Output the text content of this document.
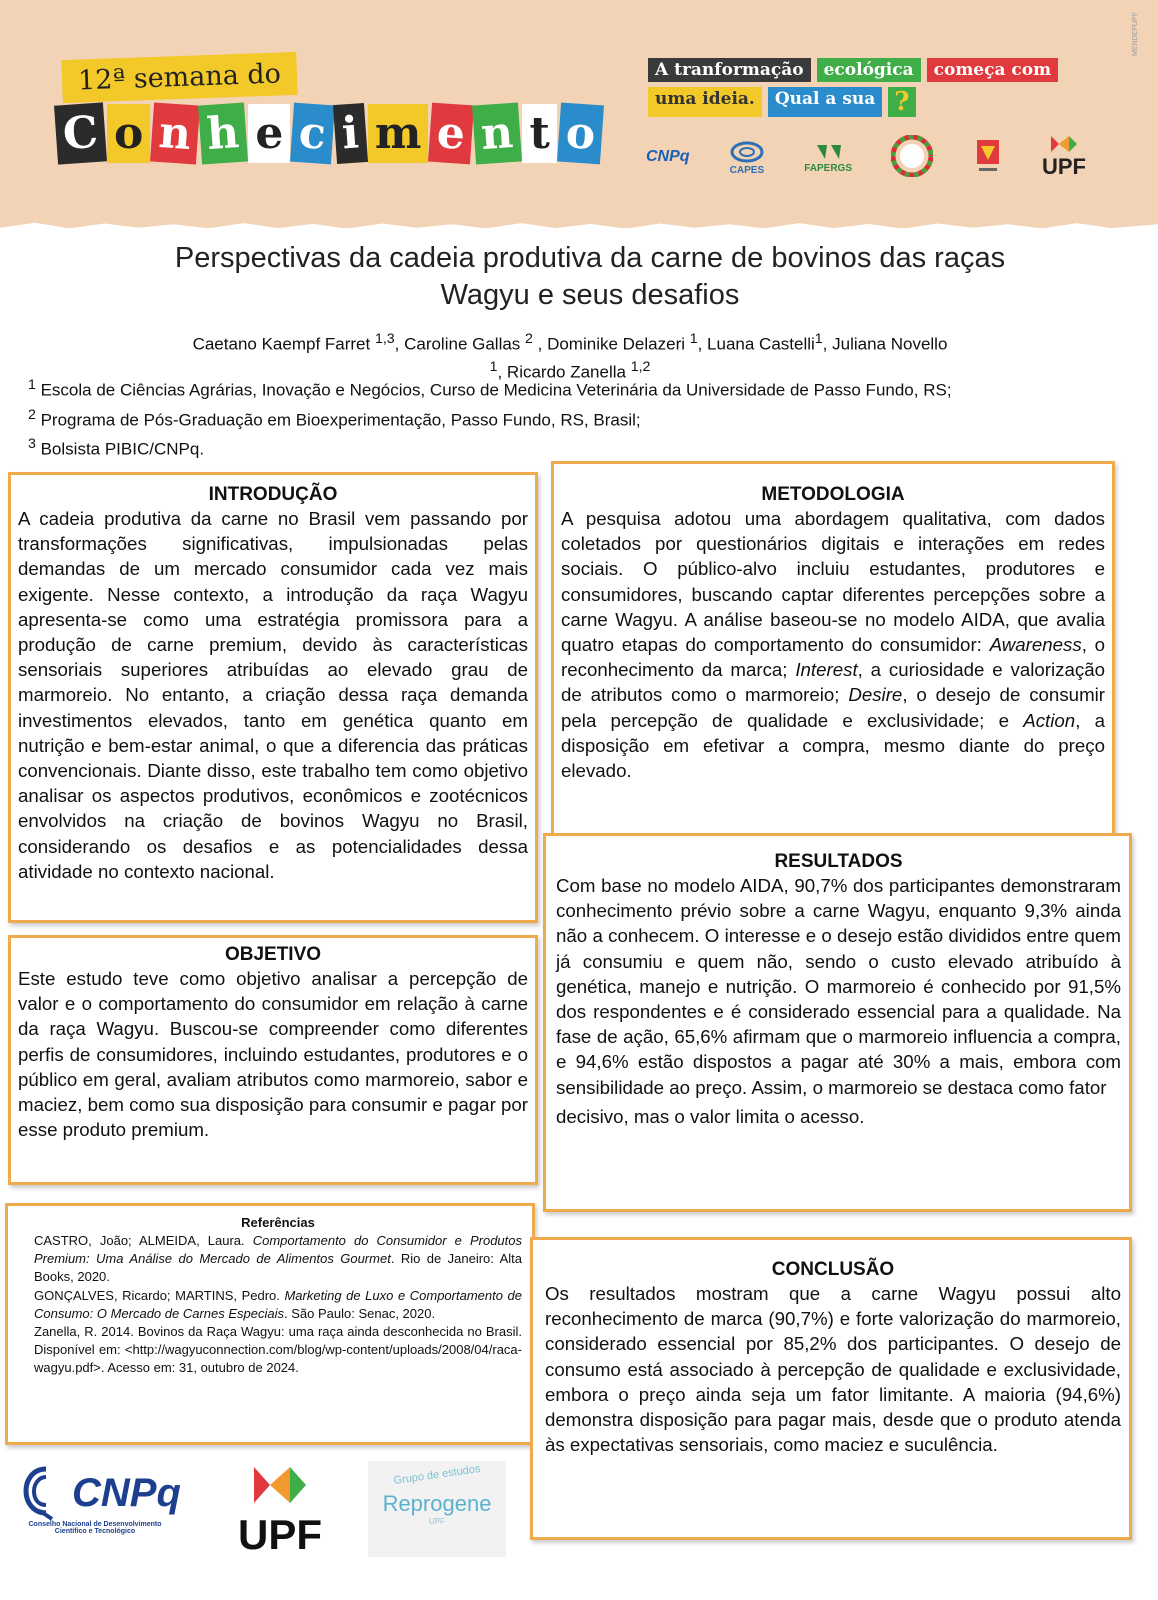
MENDEPUPF
12ª semana do
C o n h e c i m e n t o
A tranformação	ecológica	começa com
uma ideia.	Qual a sua ?
CNPq
CAPES	FAPERGS	UPF
Perspectivas da cadeia produtiva da carne de bovinos das raças
Wagyu e seus desafios
Caetano Kaempf Farret $^{1,3}$, Caroline Gallas $^2$ , Dominike Delazeri $^1$, Luana Castelli$^1$, Juliana Novello
$^1$, Ricardo Zanella $^{1,2}$
$^1$ Escola de Ciências Agrárias, Inovação e Negócios, Curso de Medicina Veterinária da Universidade de Passo Fundo, RS;
$^2$ Programa de Pós-Graduação em Bioexperimentação, Passo Fundo, RS, Brasil;
$^3$ Bolsista PIBIC/CNPq.
INTRODUÇÃO

A cadeia produtiva da carne no Brasil vem passando por transformações significativas, impulsionadas pelas demandas de um mercado consumidor cada vez mais exigente. Nesse contexto, a introdução da raça Wagyu apresenta-se como uma estratégia promissora para a produção de carne premium, devido às características sensoriais superiores atribuídas ao elevado grau de marmoreio. No entanto, a criação dessa raça demanda investimentos elevados, tanto em genética quanto em nutrição e bem-estar animal, o que a diferencia das práticas convencionais. Diante disso, este trabalho tem como objetivo analisar os aspectos produtivos, econômicos e zootécnicos envolvidos na criação de bovinos Wagyu no Brasil, considerando os desafios e as potencialidades dessa atividade no contexto nacional.

OBJETIVO

Este estudo teve como objetivo analisar a percepção de valor e o comportamento do consumidor em relação à carne da raça Wagyu. Buscou-se compreender como diferentes perfis de consumidores, incluindo estudantes, produtores e o público em geral, avaliam atributos como marmoreio, sabor e maciez, bem como sua disposição para consumir e pagar por esse produto premium.

Referências

CASTRO, João; ALMEIDA, Laura. Comportamento do Consumidor e Produtos Premium: Uma Análise do Mercado de Alimentos Gourmet. Rio de Janeiro: Alta Books, 2020.

GONÇALVES, Ricardo; MARTINS, Pedro. Marketing de Luxo e Comportamento de Consumo: O Mercado de Carnes Especiais. São Paulo: Senac, 2020.

Zanella, R. 2014. Bovinos da Raça Wagyu: uma raça ainda desconhecida no Brasil. Disponível em: <http://wagyuconnection.com/blog/wp-content/uploads/2008/04/raca-wagyu.pdf>. Acesso em: 31, outubro de 2024.

METODOLOGIA

A pesquisa adotou uma abordagem qualitativa, com dados coletados por questionários digitais e interações em redes sociais. O público-alvo incluiu estudantes, produtores e consumidores, buscando captar diferentes percepções sobre a carne Wagyu. A análise baseou-se no modelo AIDA, que avalia quatro etapas do comportamento do consumidor: Awareness, o reconhecimento da marca; Interest, a curiosidade e valorização de atributos como o marmoreio; Desire, o desejo de consumir pela percepção de qualidade e exclusividade; e Action, a disposição em efetivar a compra, mesmo diante do preço elevado.

RESULTADOS

Com base no modelo AIDA, 90,7% dos participantes demonstraram conhecimento prévio sobre a carne Wagyu, enquanto 9,3% ainda não a conhecem. O interesse e o desejo estão divididos entre quem já consumiu e quem não, sendo o custo elevado atribuído à genética, manejo e nutrição. O marmoreio é conhecido por 91,5% dos respondentes e é considerado essencial para a qualidade. Na fase de ação, 65,6% afirmam que o marmoreio influencia a compra, e 94,6% estão dispostos a pagar até 30% a mais, embora com sensibilidade ao preço. Assim, o marmoreio se destaca como fator

decisivo, mas o valor limita o acesso.

CONCLUSÃO

Os resultados mostram que a carne Wagyu possui alto reconhecimento de marca (90,7%) e forte valorização do marmoreio, considerado essencial por 85,2% dos participantes. O desejo de consumo está associado à percepção de qualidade e exclusividade, embora o preço ainda seja um fator limitante. A maioria (94,6%) demonstra disposição para pagar mais, desde que o produto atenda às expectativas sensoriais, como maciez e suculência.

CNPq
Conselho Nacional de Desenvolvimento Científico e Tecnológico	UPF
Grupo de estudos
Reprogene
UPF
